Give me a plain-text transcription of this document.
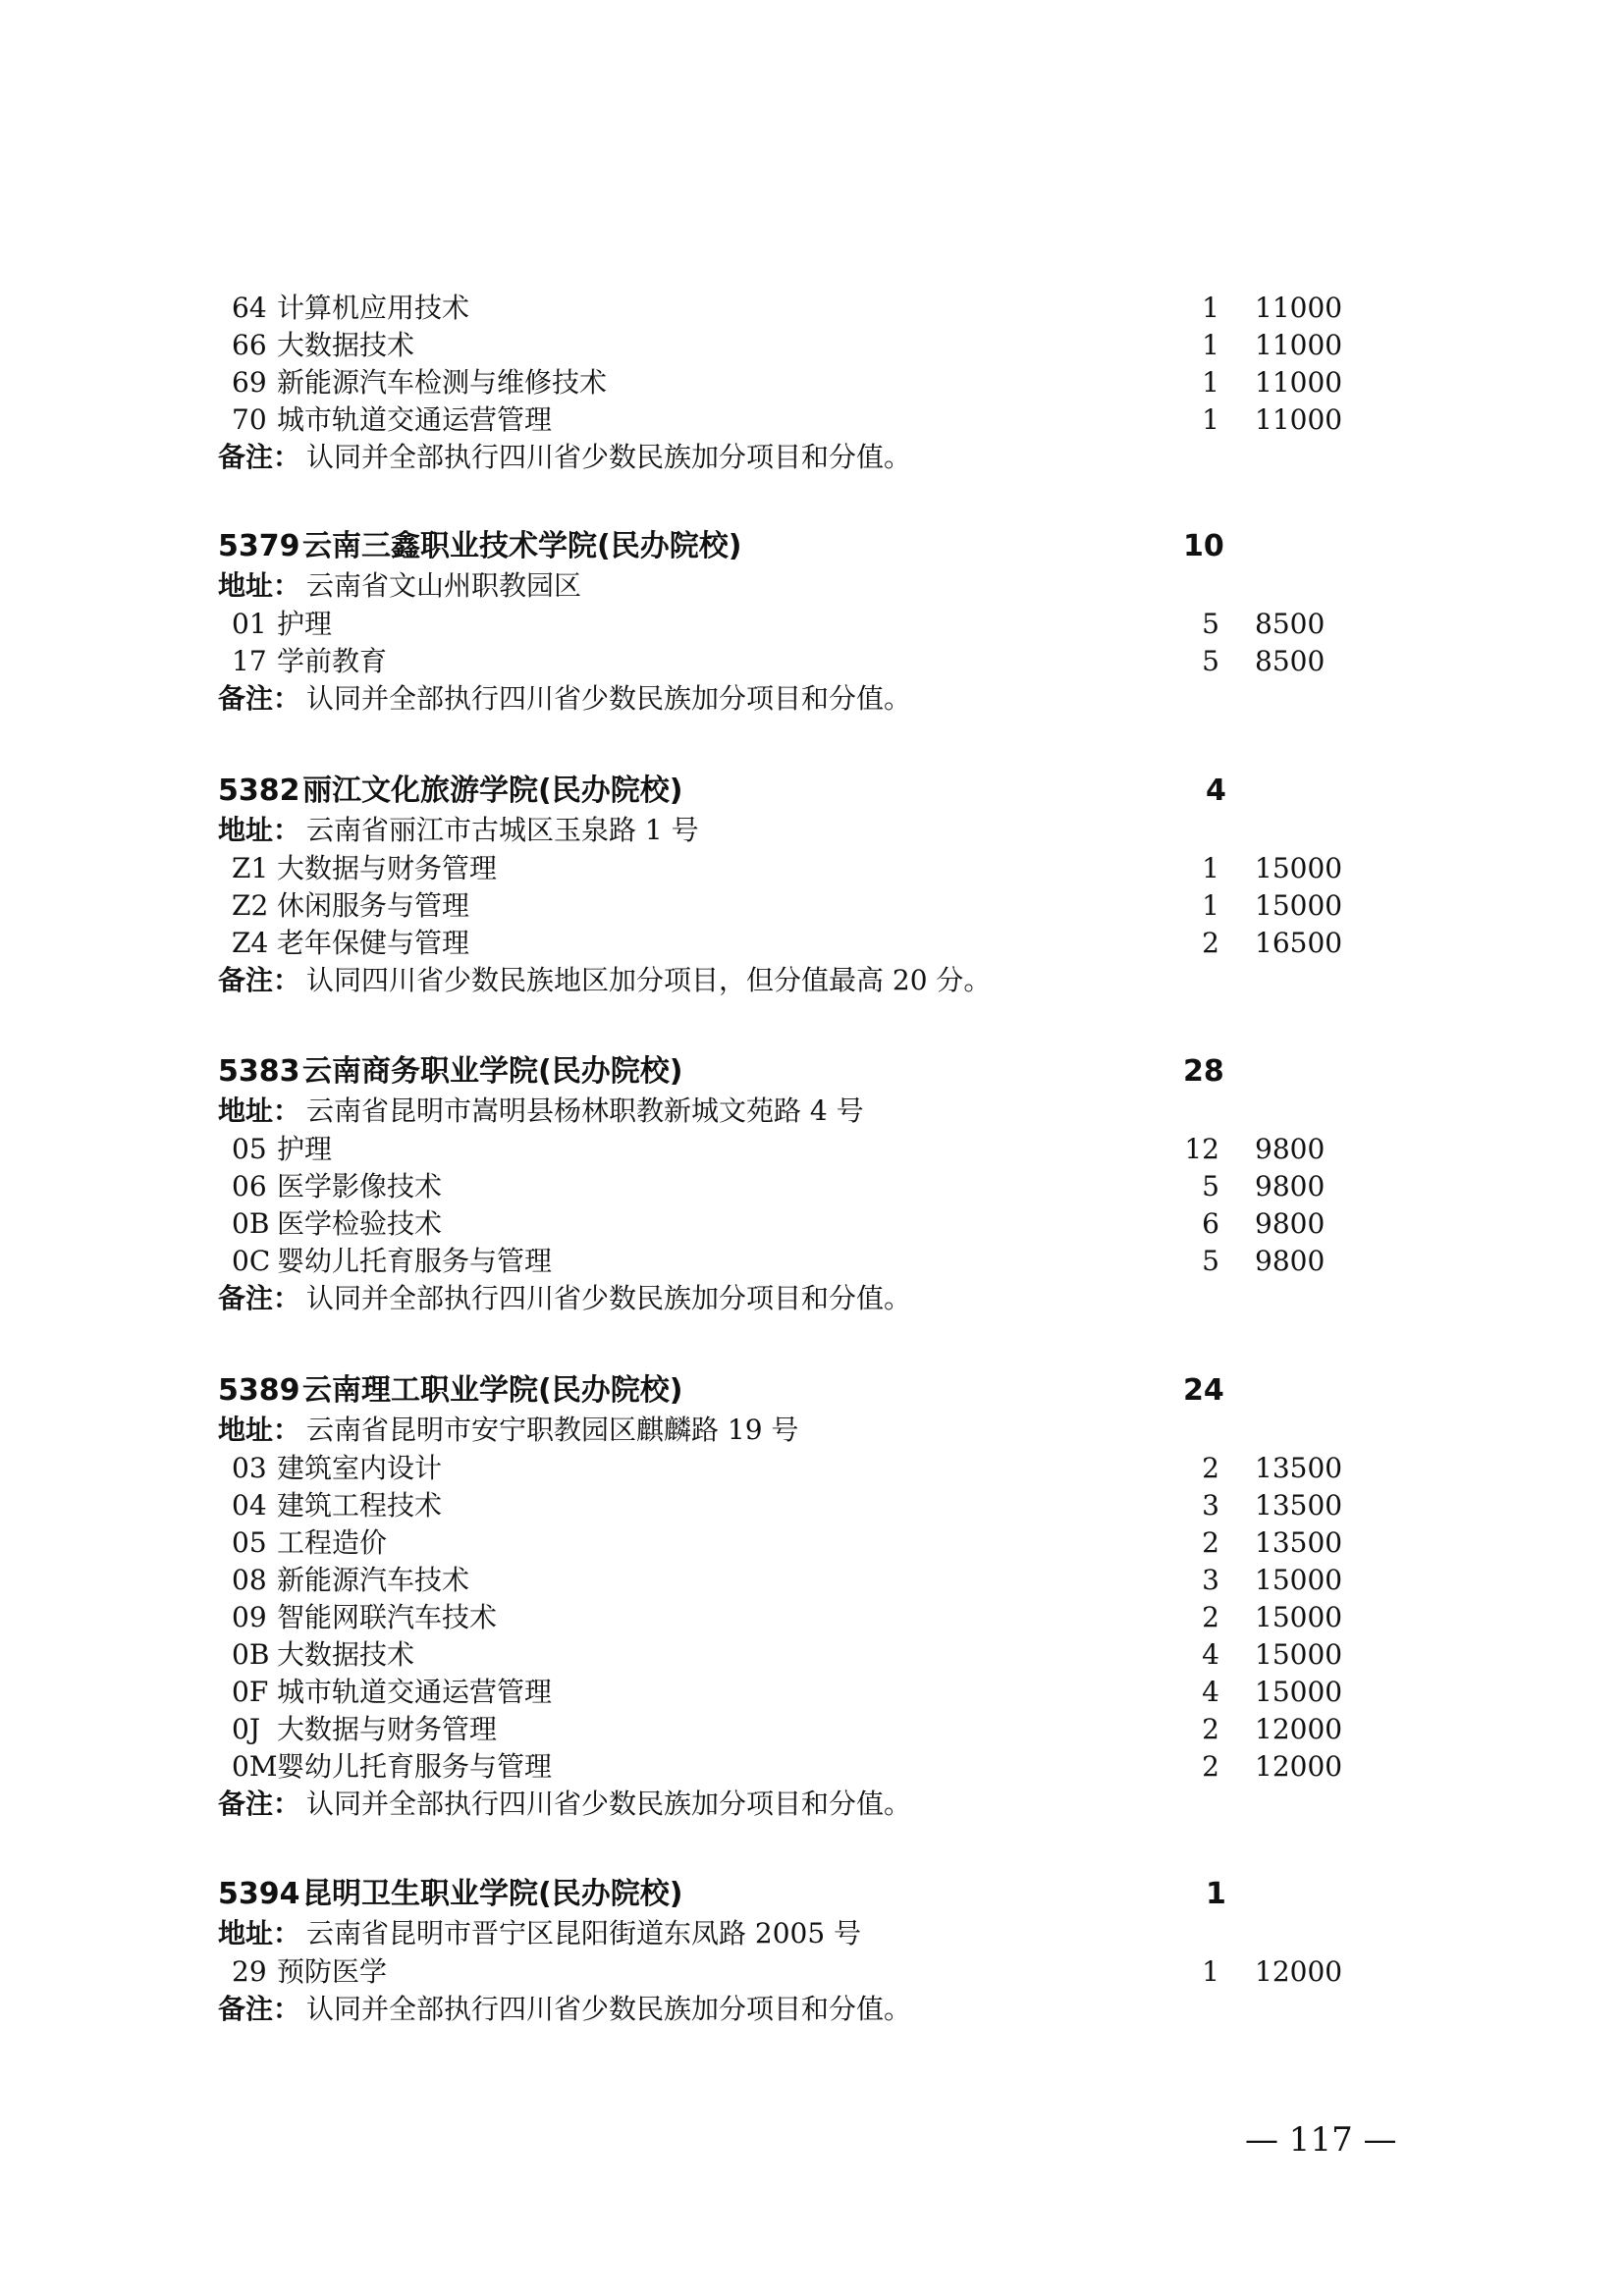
64 计算机应用技术	1 11000
66 大数据技术	1 11000
69 新能源汽车检测与维修技术	1 11000
70 城市轨道交通运营管理	1 11000
备注： 认同并全部执行四川省少数民族加分项目和分值。
5379 云南三鑫职业技术学院(民办院校)	10
地址： 云南省文山州职教园区
01 护理	5 8500
17 学前教育	5 8500
备注： 认同并全部执行四川省少数民族加分项目和分值。
5382 丽江文化旅游学院(民办院校)	4
地址： 云南省丽江市古城区玉泉路 1 号
Z1 大数据与财务管理	1 15000
Z2 休闲服务与管理	1 15000
Z4 老年保健与管理	2 16500
备注： 认同四川省少数民族地区加分项目，但分值最高 20 分。
5383 云南商务职业学院(民办院校)	28
地址： 云南省昆明市嵩明县杨林职教新城文苑路 4 号
05 护理	12 9800
06 医学影像技术	5 9800
0B 医学检验技术	6 9800
0C 婴幼儿托育服务与管理	5 9800
备注： 认同并全部执行四川省少数民族加分项目和分值。
5389 云南理工职业学院(民办院校)	24
地址： 云南省昆明市安宁职教园区麒麟路 19 号
03 建筑室内设计	2 13500
04 建筑工程技术	3 13500
05 工程造价	2 13500
08 新能源汽车技术	3 15000
09 智能网联汽车技术	2 15000
0B 大数据技术	4 15000
0F 城市轨道交通运营管理	4 15000
0J 大数据与财务管理	2 12000
0M 婴幼儿托育服务与管理	2 12000
备注： 认同并全部执行四川省少数民族加分项目和分值。
5394 昆明卫生职业学院(民办院校)	1
地址： 云南省昆明市晋宁区昆阳街道东凤路 2005 号
29 预防医学	1 12000
备注： 认同并全部执行四川省少数民族加分项目和分值。
— 117 —
